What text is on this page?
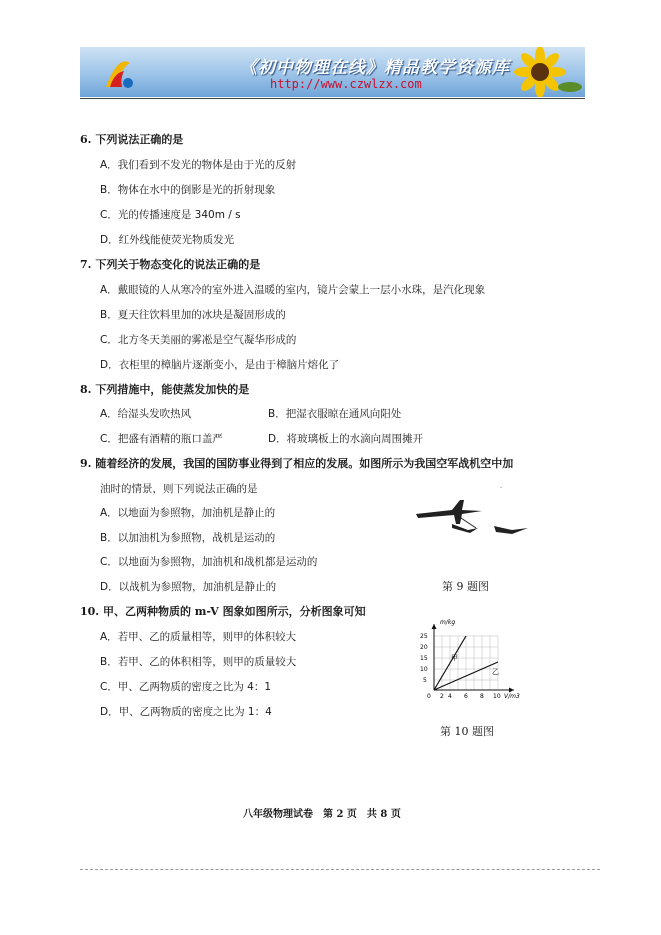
《初中物理在线》精品教学资源库
http://www.czwlzx.com
6. 下列说法正确的是
A．我们看到不发光的物体是由于光的反射
B．物体在水中的倒影是光的折射现象
C．光的传播速度是 340m / s
D．红外线能使荧光物质发光
7. 下列关于物态变化的说法正确的是
A．戴眼镜的人从寒冷的室外进入温暖的室内，镜片会蒙上一层小水珠，是汽化现象
B．夏天往饮料里加的冰块是凝固形成的
C．北方冬天美丽的雾凇是空气凝华形成的
D．衣柜里的樟脑片逐渐变小，是由于樟脑片熔化了
8. 下列措施中，能使蒸发加快的是
A．给湿头发吹热风	B．把湿衣服晾在通风向阳处
C．把盛有酒精的瓶口盖严	D．将玻璃板上的水滴向周围摊开
9. 随着经济的发展，我国的国防事业得到了相应的发展。如图所示为我国空军战机空中加
油时的情景，则下列说法正确的是
A．以地面为参照物，加油机是静止的
B．以加油机为参照物，战机是运动的
C．以地面为参照物，加油机和战机都是运动的
D．以战机为参照物，加油机是静止的
·
第 9 题图
10. 甲、乙两种物质的 m-V 图象如图所示，分析图象可知
A．若甲、乙的质量相等，则甲的体积较大
B．若甲、乙的体积相等，则甲的质量较大
C．甲、乙两物质的密度之比为 4：1
D．甲、乙两物质的密度之比为 1：4
m/kg
V/m3
25
20
15
10
5
0 2 4 6 8 10
甲
乙
第 10 题图
八年级物理试卷　第 2 页　共 8 页
